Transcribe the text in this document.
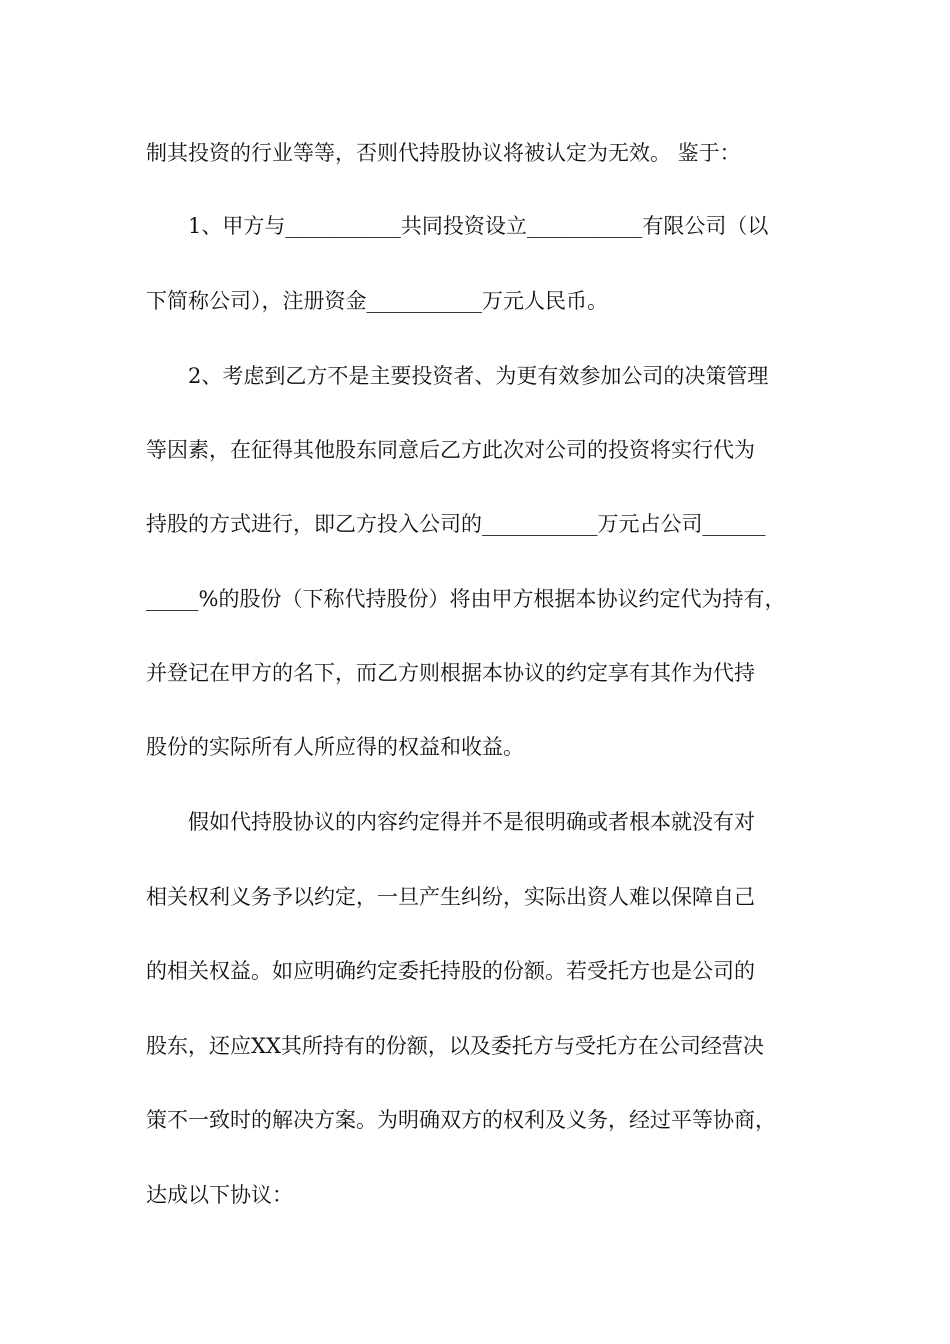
制其投资的行业等等，否则代持股协议将被认定为无效。 鉴于：
1、甲方与___________共同投资设立___________有限公司（以
下简称公司），注册资金___________万元人民币。
2、考虑到乙方不是主要投资者、为更有效参加公司的决策管理
等因素，在征得其他股东同意后乙方此次对公司的投资将实行代为
持股的方式进行，即乙方投入公司的___________万元占公司______
_____%的股份（下称代持股份）将由甲方根据本协议约定代为持有，
并登记在甲方的名下，而乙方则根据本协议的约定享有其作为代持
股份的实际所有人所应得的权益和收益。
假如代持股协议的内容约定得并不是很明确或者根本就没有对
相关权利义务予以约定，一旦产生纠纷，实际出资人难以保障自己
的相关权益。如应明确约定委托持股的份额。若受托方也是公司的
股东，还应XX其所持有的份额，以及委托方与受托方在公司经营决
策不一致时的解决方案。为明确双方的权利及义务，经过平等协商，
达成以下协议：
